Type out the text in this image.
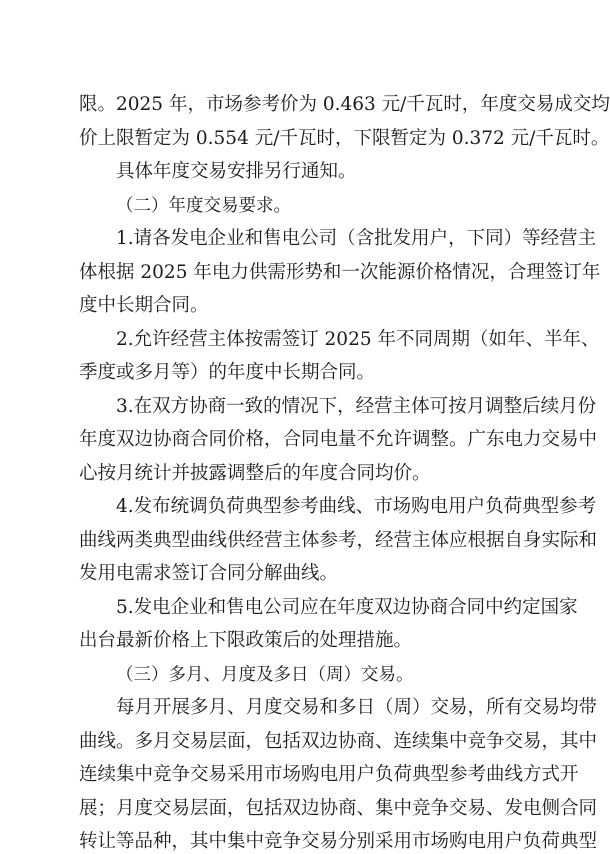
限。2025 年，市场参考价为 0.463 元/千瓦时，年度交易成交均
价上限暂定为 0.554 元/千瓦时，下限暂定为 0.372 元/千瓦时。
具体年度交易安排另行通知。
（二）年度交易要求。
1.请各发电企业和售电公司（含批发用户，下同）等经营主
体根据 2025 年电力供需形势和一次能源价格情况，合理签订年
度中长期合同。
2.允许经营主体按需签订 2025 年不同周期（如年、半年、
季度或多月等）的年度中长期合同。
3.在双方协商一致的情况下，经营主体可按月调整后续月份
年度双边协商合同价格，合同电量不允许调整。广东电力交易中
心按月统计并披露调整后的年度合同均价。
4.发布统调负荷典型参考曲线、市场购电用户负荷典型参考
曲线两类典型曲线供经营主体参考，经营主体应根据自身实际和
发用电需求签订合同分解曲线。
5.发电企业和售电公司应在年度双边协商合同中约定国家
出台最新价格上下限政策后的处理措施。
（三）多月、月度及多日（周）交易。
每月开展多月、月度交易和多日（周）交易，所有交易均带
曲线。多月交易层面，包括双边协商、连续集中竞争交易，其中
连续集中竞争交易采用市场购电用户负荷典型参考曲线方式开
展；月度交易层面，包括双边协商、集中竞争交易、发电侧合同
转让等品种，其中集中竞争交易分别采用市场购电用户负荷典型
